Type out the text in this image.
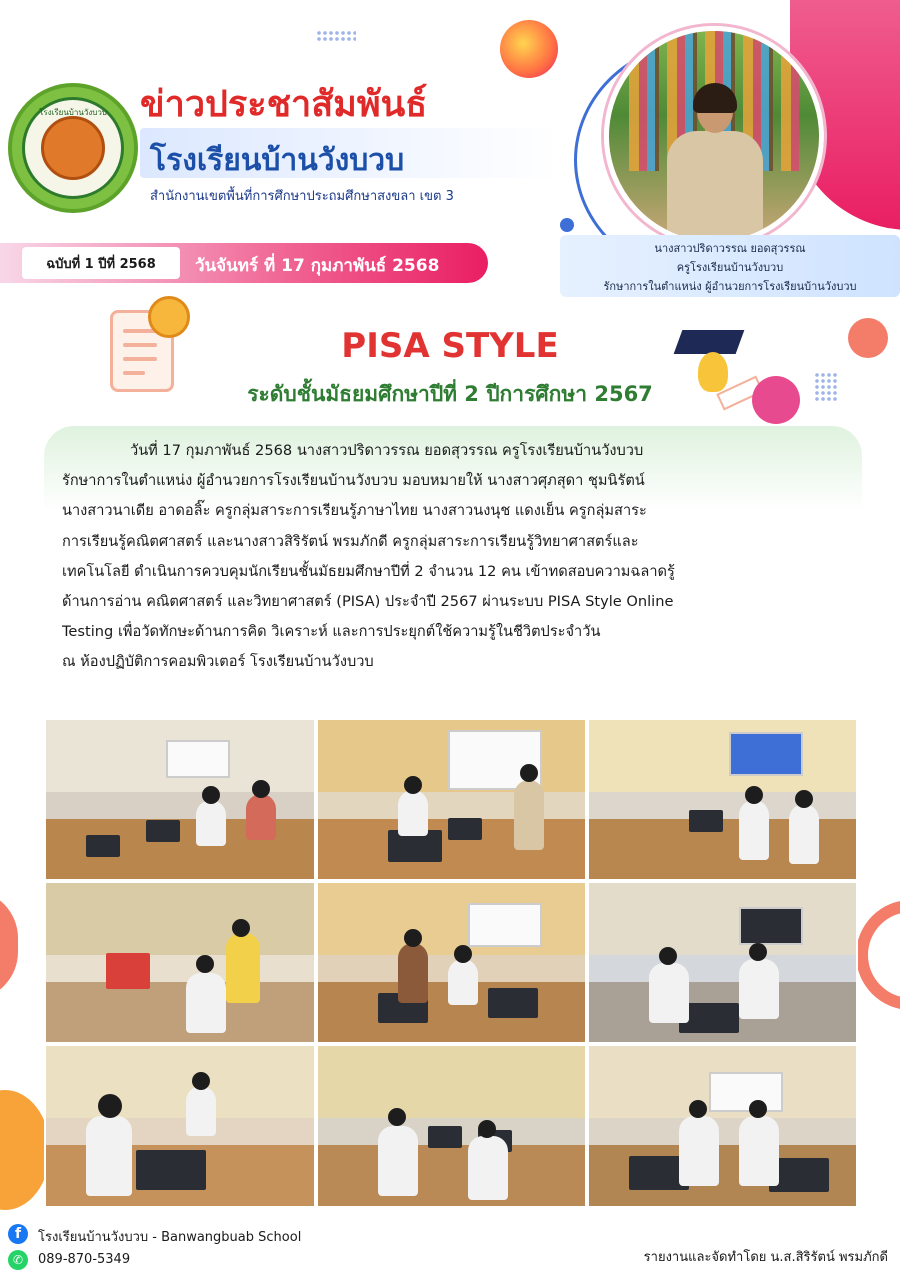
โรงเรียนบ้านวังบวบ ข่าวประชาสัมพันธ์
โรงเรียนบ้านวังบวบ
สำนักงานเขตพื้นที่การศึกษาประถมศึกษาสงขลา เขต 3
ฉบับที่ 1 ปีที่ 2568	วันจันทร์ ที่ 17 กุมภาพันธ์ 2568
นางสาวปริดาวรรณ ยอดสุวรรณ
ครูโรงเรียนบ้านวังบวบ
รักษาการในตำแหน่ง ผู้อำนวยการโรงเรียนบ้านวังบวบ
PISA STYLE
ระดับชั้นมัธยมศึกษาปีที่ 2 ปีการศึกษา 2567
วันที่ 17 กุมภาพันธ์ 2568 นางสาวปริดาวรรณ ยอดสุวรรณ ครูโรงเรียนบ้านวังบวบ
รักษาการในตำแหน่ง ผู้อำนวยการโรงเรียนบ้านวังบวบ มอบหมายให้ นางสาวศุภสุดา ชุมนิรัตน์
นางสาวนาเดีย อาดอลิ๊ะ ครูกลุ่มสาระการเรียนรู้ภาษาไทย นางสาวนงนุช แดงเย็น ครูกลุ่มสาระ
การเรียนรู้คณิตศาสตร์ และนางสาวสิริรัตน์ พรมภักดี ครูกลุ่มสาระการเรียนรู้วิทยาศาสตร์และ
เทคโนโลยี ดำเนินการควบคุมนักเรียนชั้นมัธยมศึกษาปีที่ 2 จำนวน 12 คน เข้าทดสอบความฉลาดรู้
ด้านการอ่าน คณิตศาสตร์ และวิทยาศาสตร์ (PISA) ประจำปี 2567 ผ่านระบบ PISA Style Online
Testing เพื่อวัดทักษะด้านการคิด วิเคราะห์ และการประยุกต์ใช้ความรู้ในชีวิตประจำวัน
ณ ห้องปฏิบัติการคอมพิวเตอร์ โรงเรียนบ้านวังบวบ
f	โรงเรียนบ้านวังบวบ - Banwangbuab School
✆	089-870-5349	รายงานและจัดทำโดย น.ส.สิริรัตน์ พรมภักดี
